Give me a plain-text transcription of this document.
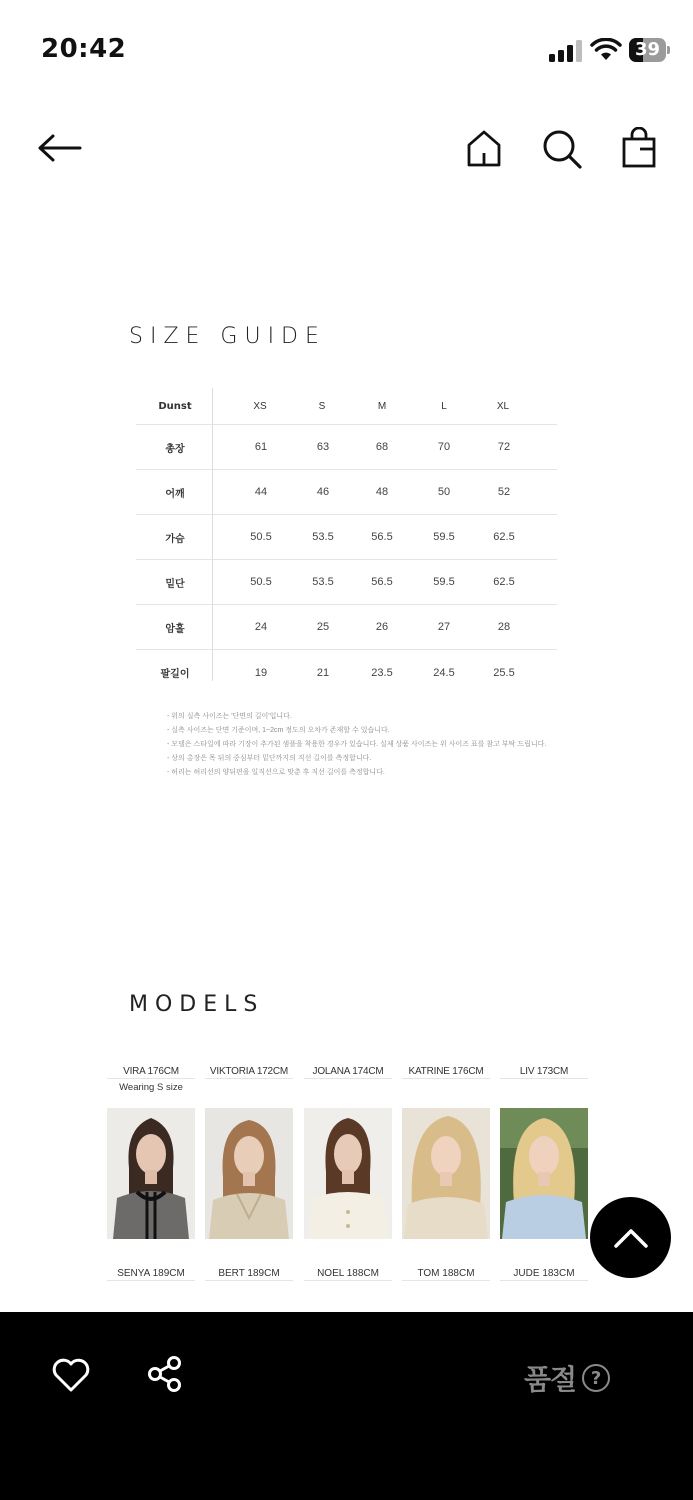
20:42	39
SIZE GUIDE
Dunst	XS	S	M	L	XL
총장	61	63	68	70	72
어깨	44	46	48	50	52
가슴	50.5	53.5	56.5	59.5	62.5
밑단	50.5	53.5	56.5	59.5	62.5
암홀	24	25	26	27	28
팔길이	19	21	23.5	24.5	25.5
- 위의 실측 사이즈는 '단면의 길이'입니다.
- 실측 사이즈는 단면 기준이며, 1~2cm 정도의 오차가 존재할 수 있습니다.
- 모델은 스타일에 따라 기장이 추가된 샘플을 착용한 경우가 있습니다. 실제 상품 사이즈는 위 사이즈 표를 참고 부탁 드립니다.
- 상의 총장은 목 뒤의 중심부터 밑단까지의 직선 길이를 측정합니다.
- 허리는 허리선의 양뒤편을 일직선으로 맞춘 후 직선 길이를 측정합니다.
MODELS
VIRA 176CM
Wearing S size
SENYA 189CM
VIKTORIA 172CM
BERT 189CM
JOLANA 174CM
NOEL 188CM
KATRINE 176CM
TOM 188CM
LIV 173CM
JUDE 183CM
품절 ?
